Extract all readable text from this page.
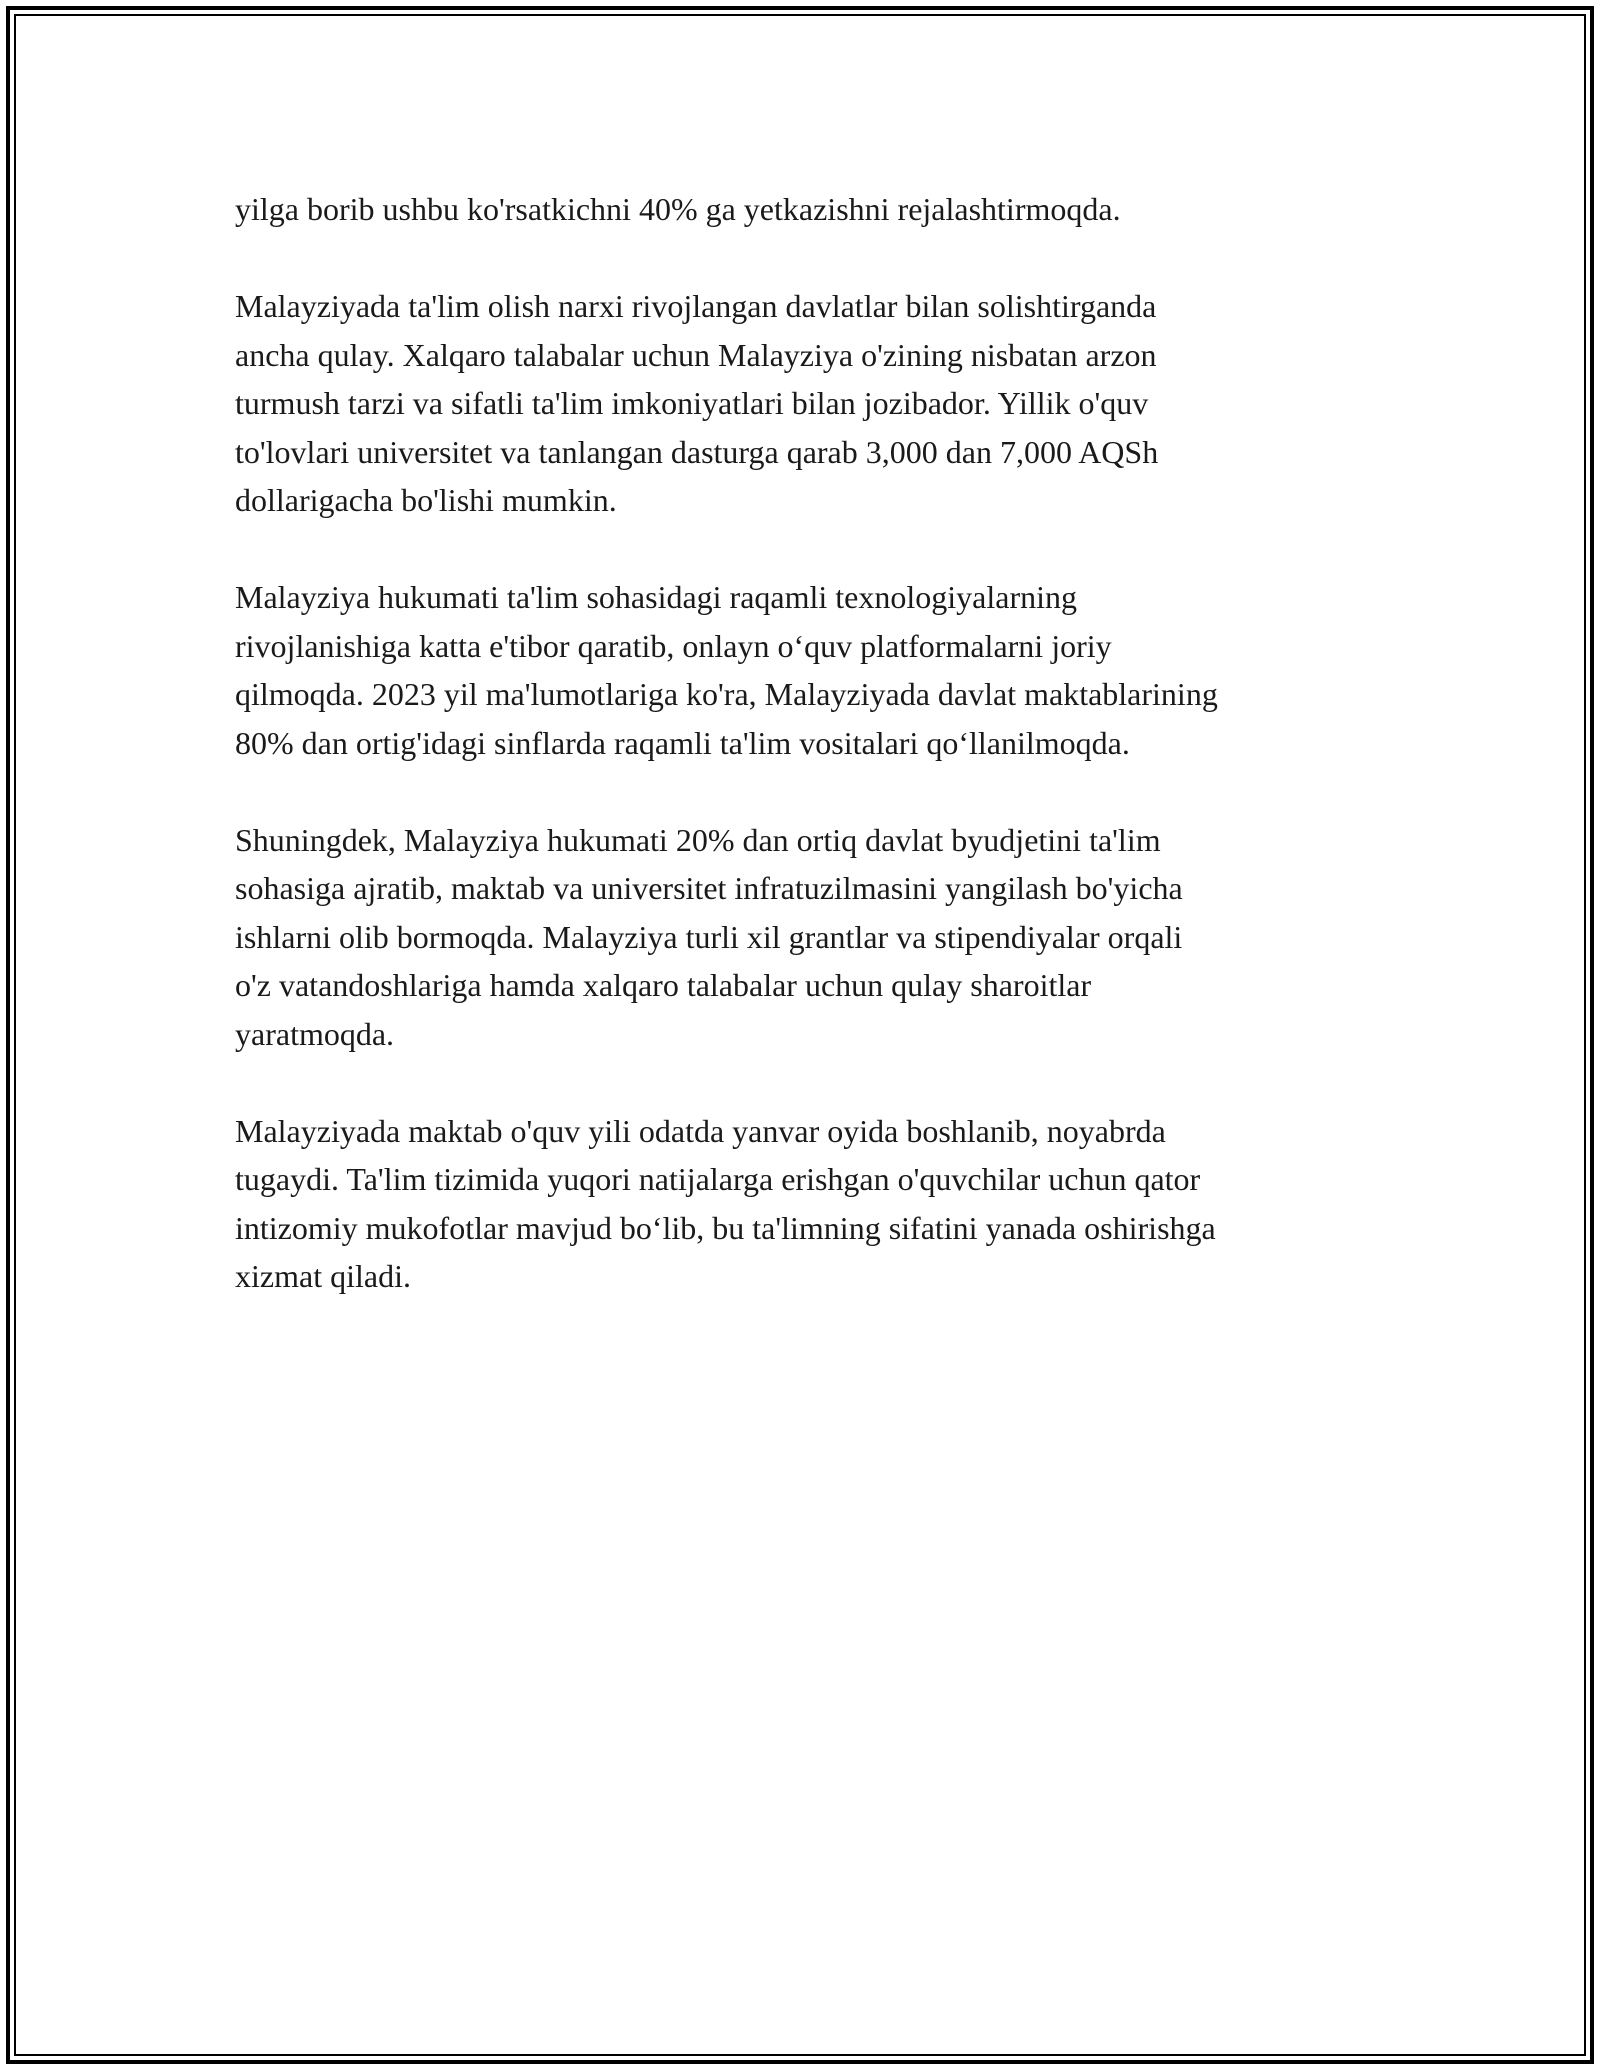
yilga borib ushbu ko'rsatkichni 40% ga yetkazishni rejalashtirmoqda.

Malayziyada ta'lim olish narxi rivojlangan davlatlar bilan solishtirganda
ancha qulay. Xalqaro talabalar uchun Malayziya o'zining nisbatan arzon
turmush tarzi va sifatli ta'lim imkoniyatlari bilan jozibador. Yillik o'quv
to'lovlari universitet va tanlangan dasturga qarab 3,000 dan 7,000 AQSh
dollarigacha bo'lishi mumkin.

Malayziya hukumati ta'lim sohasidagi raqamli texnologiyalarning
rivojlanishiga katta e'tibor qaratib, onlayn o‘quv platformalarni joriy
qilmoqda. 2023 yil ma'lumotlariga ko'ra, Malayziyada davlat maktablarining
80% dan ortig'idagi sinflarda raqamli ta'lim vositalari qo‘llanilmoqda.

Shuningdek, Malayziya hukumati 20% dan ortiq davlat byudjetini ta'lim
sohasiga ajratib, maktab va universitet infratuzilmasini yangilash bo'yicha
ishlarni olib bormoqda. Malayziya turli xil grantlar va stipendiyalar orqali
o'z vatandoshlariga hamda xalqaro talabalar uchun qulay sharoitlar
yaratmoqda.

Malayziyada maktab o'quv yili odatda yanvar oyida boshlanib, noyabrda
tugaydi. Ta'lim tizimida yuqori natijalarga erishgan o'quvchilar uchun qator
intizomiy mukofotlar mavjud bo‘lib, bu ta'limning sifatini yanada oshirishga
xizmat qiladi.
